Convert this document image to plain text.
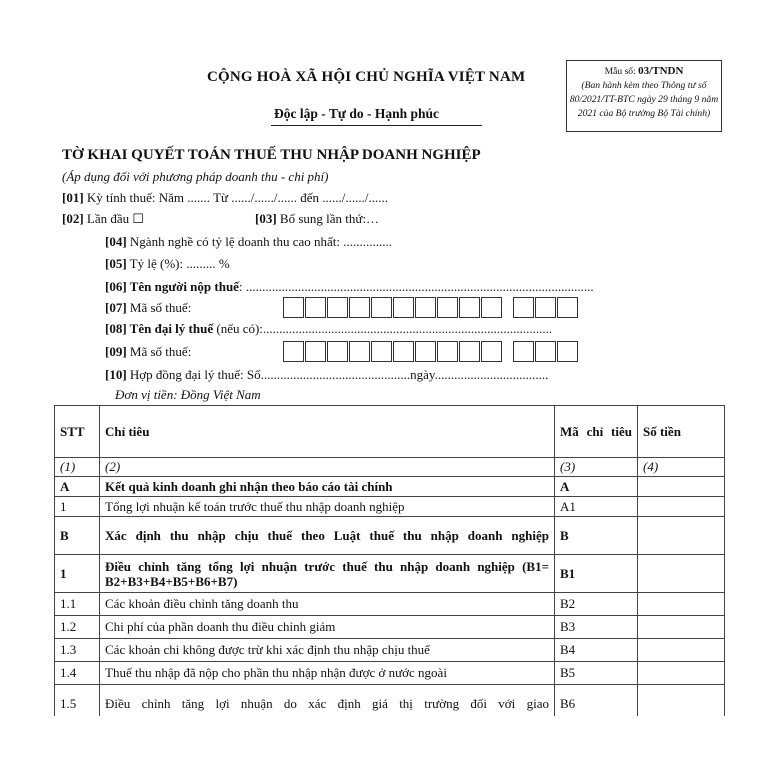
CỘNG HOÀ XÃ HỘI CHỦ NGHĨA VIỆT NAM
Độc lập - Tự do - Hạnh phúc
Mẫu số: 03/TNDN
(Ban hành kèm theo Thông tư số 80/2021/TT-BTC ngày 29 tháng 9 năm 2021 của Bộ trưởng Bộ Tài chính)
TỜ KHAI QUYẾT TOÁN THUẾ THU NHẬP DOANH NGHIỆP
(Áp dụng đối với phương pháp doanh thu - chi phí)
[01] Kỳ tính thuế: Năm ....... Từ ....../....../...... đến ....../....../......
[02] Lần đầu ☐	[03] Bổ sung lần thứ:…
[04] Ngành nghề có tỷ lệ doanh thu cao nhất: ...............
[05] Tỷ lệ (%): ......... %
[06] Tên người nộp thuế: ...........................................................................................................
[07] Mã số thuế:
[08] Tên đại lý thuế (nếu có):.........................................................................................
[09] Mã số thuế:
[10] Hợp đồng đại lý thuế: Số..............................................ngày...................................
Đơn vị tiền: Đồng Việt Nam
STT	Chỉ tiêu	Mã chỉ tiêu	Số tiền
(1)	(2)	(3)	(4)
A	Kết quả kinh doanh ghi nhận theo báo cáo tài chính	A	
1	Tổng lợi nhuận kế toán trước thuế thu nhập doanh nghiệp	A1	
B	Xác định thu nhập chịu thuế theo Luật thuế thu nhập doanh nghiệp	B	
1	Điều chỉnh tăng tổng lợi nhuận trước thuế thu nhập doanh nghiệp (B1= B2+B3+B4+B5+B6+B7)	B1	
1.1	Các khoản điều chỉnh tăng doanh thu	B2	
1.2	Chi phí của phần doanh thu điều chỉnh giảm	B3	
1.3	Các khoản chi không được trừ khi xác định thu nhập chịu thuế	B4	
1.4	Thuế thu nhập đã nộp cho phần thu nhập nhận được ở nước ngoài	B5	
1.5	Điều chỉnh tăng lợi nhuận do xác định giá thị trường đối với giao	B6	
